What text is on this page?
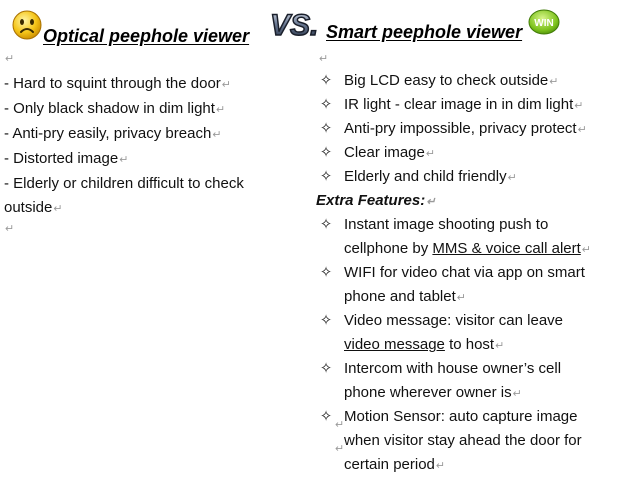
Optical peephole viewer VS. Smart peephole viewer WIN
↵
- Hard to squint through the door↵
- Only black shadow in dim light↵
- Anti-pry easily, privacy breach↵
- Distorted image↵
- Elderly or children difficult to check
outside↵
↵
↵
✧ Big LCD easy to check outside↵
✧ IR light - clear image in in dim light↵
✧ Anti-pry impossible, privacy protect↵
✧ Clear image↵
✧ Elderly and child friendly↵
Extra Features:↵
✧ Instant image shooting push to
cellphone by MMS & voice call alert↵
✧ WIFI for video chat via app on smart
phone and tablet↵
✧ Video message: visitor can leave
video message to host↵
✧ Intercom with house owner’s cell
phone wherever owner is↵
✧ Motion Sensor: auto capture image
↵
when visitor stay ahead the door for
↵
certain period↵
